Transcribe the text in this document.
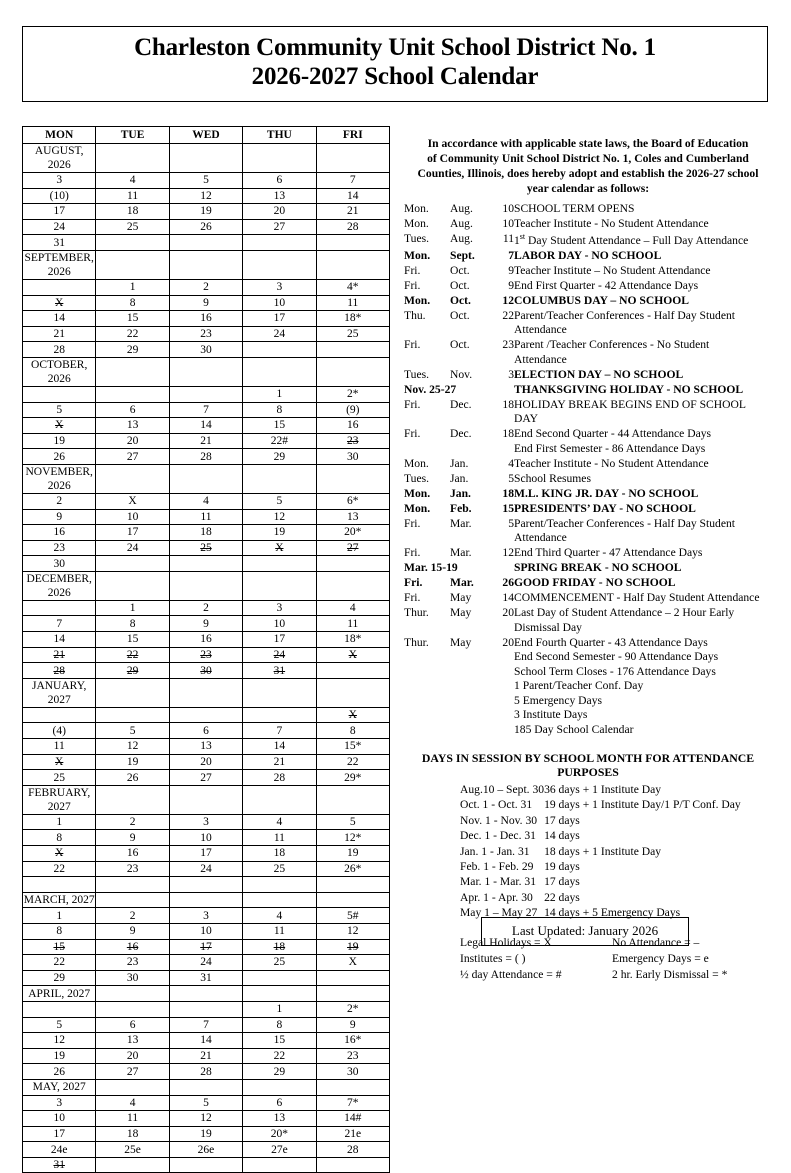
Charleston Community Unit School District No. 1
2026-2027 School Calendar
MON	TUE	WED	THU	FRI
AUGUST, 2026				
3	4	5	6	7
(10)	11	12	13	14
17	18	19	20	21
24	25	26	27	28
31				
SEPTEMBER, 2026				
	1	2	3	4*
X	8	9	10	11
14	15	16	17	18*
21	22	23	24	25
28	29	30		
OCTOBER, 2026				
			1	2*
5	6	7	8	(9)
X	13	14	15	16
19	20	21	22#	23
26	27	28	29	30
NOVEMBER, 2026				
2	X	4	5	6*
9	10	11	12	13
16	17	18	19	20*
23	24	25	X	27
30				
DECEMBER, 2026				
	1	2	3	4
7	8	9	10	11
14	15	16	17	18*
21	22	23	24	X
28	29	30	31	
JANUARY, 2027				
				X
(4)	5	6	7	8
11	12	13	14	15*
X	19	20	21	22
25	26	27	28	29*
FEBRUARY, 2027				
1	2	3	4	5
8	9	10	11	12*
X	16	17	18	19
22	23	24	25	26*

MARCH, 2027				
1	2	3	4	5#
8	9	10	11	12
15	16	17	18	19
22	23	24	25	X
29	30	31		
APRIL, 2027				
			1	2*
5	6	7	8	9
12	13	14	15	16*
19	20	21	22	23
26	27	28	29	30
MAY, 2027				
3	4	5	6	7*
10	11	12	13	14#
17	18	19	20*	21e
24e	25e	26e	27e	28
31				
In accordance with applicable state laws, the Board of Education
of Community Unit School District No. 1, Coles and Cumberland
Counties, Illinois, does hereby adopt and establish the 2026-27 school
year calendar as follows:
Mon.	Aug.	10	SCHOOL TERM OPENS
Mon.	Aug.	10	Teacher Institute - No Student Attendance
Tues.	Aug.	11	1st Day Student Attendance – Full Day Attendance
Mon.	Sept.	7	LABOR DAY - NO SCHOOL
Fri.	Oct.	9	Teacher Institute – No Student Attendance
Fri.	Oct.	9	End First Quarter - 42 Attendance Days
Mon.	Oct.	12	COLUMBUS DAY – NO SCHOOL
Thu.	Oct.	22	Parent/Teacher Conferences - Half Day Student
Attendance

Fri.	Oct.	23	Parent /Teacher Conferences - No Student
Attendance

Tues.	Nov.	3	ELECTION DAY – NO SCHOOL
Nov. 25-27			THANKSGIVING HOLIDAY - NO SCHOOL
Fri.	Dec.	18	HOLIDAY BREAK BEGINS END OF SCHOOL
DAY

Fri.	Dec.	18	End Second Quarter - 44 Attendance Days
End First Semester - 86 Attendance Days

Mon.	Jan.	4	Teacher Institute - No Student Attendance
Tues.	Jan.	5	School Resumes
Mon.	Jan.	18	M.L. KING JR. DAY - NO SCHOOL
Mon.	Feb.	15	PRESIDENTS’ DAY - NO SCHOOL
Fri.	Mar.	5	Parent/Teacher Conferences - Half Day Student
Attendance

Fri.	Mar.	12	End Third Quarter - 47 Attendance Days
Mar. 15-19			SPRING BREAK - NO SCHOOL
Fri.	Mar.	26	GOOD FRIDAY - NO SCHOOL
Fri.	May	14	COMMENCEMENT - Half Day Student Attendance
Thur.	May	20	Last Day of Student Attendance – 2 Hour Early
Dismissal Day

Thur.	May	20	End Fourth Quarter - 43 Attendance Days
End Second Semester - 90 Attendance Days
School Term Closes - 176 Attendance Days
1 Parent/Teacher Conf. Day
5 Emergency Days
3 Institute Days
185 Day School Calendar
DAYS IN SESSION BY SCHOOL MONTH FOR ATTENDANCE
PURPOSES
Aug.10 – Sept. 30	36 days + 1 Institute Day
Oct. 1 - Oct. 31	19 days + 1 Institute Day/1 P/T Conf. Day
Nov. 1 - Nov. 30	17 days
Dec. 1 - Dec. 31	14 days
Jan. 1 - Jan. 31	18 days + 1 Institute Day
Feb. 1 - Feb. 29	19 days
Mar. 1 - Mar. 31	17 days
Apr. 1 - Apr. 30	22 days
May 1 – May 27	14 days + 5 Emergency Days
Legal Holidays = X	No Attendance = –
Institutes = ( )	Emergency Days = e
½ day Attendance = #	2 hr. Early Dismissal = *
Last Updated: January 2026
